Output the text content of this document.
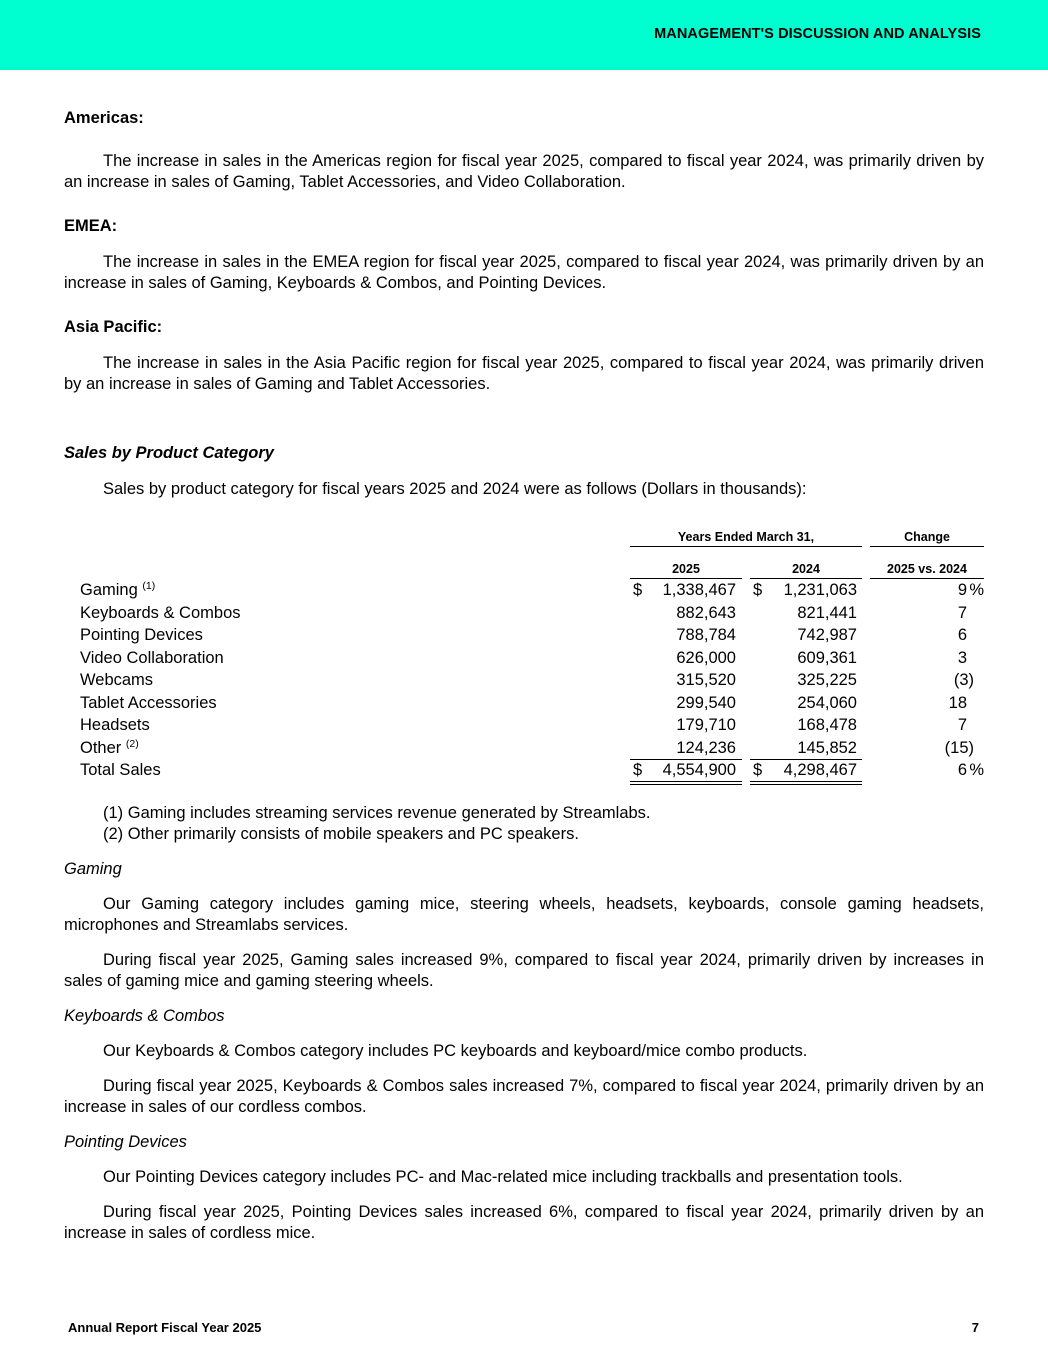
MANAGEMENT'S DISCUSSION AND ANALYSIS

Americas:

The increase in sales in the Americas region for fiscal year 2025, compared to fiscal year 2024, was primarily driven by an increase in sales of Gaming, Tablet Accessories, and Video Collaboration.

EMEA:

The increase in sales in the EMEA region for fiscal year 2025, compared to fiscal year 2024, was primarily driven by an increase in sales of Gaming, Keyboards & Combos, and Pointing Devices.

Asia Pacific:

The increase in sales in the Asia Pacific region for fiscal year 2025, compared to fiscal year 2024, was primarily driven by an increase in sales of Gaming and Tablet Accessories.

Sales by Product Category

Sales by product category for fiscal years 2025 and 2024 were as follows (Dollars in thousands):

Years Ended March 31,	Change
2025	2024	2025 vs. 2024
Gaming $^{(1)}$	$ 1,338,467 $ 1,231,063	9 %
Keyboards & Combos	882,643	821,441	7
Pointing Devices	788,784	742,987	6
Video Collaboration	626,000	609,361	3
Webcams	315,520	325,225	(3)
Tablet Accessories	299,540	254,060	18
Headsets	179,710	168,478	7
Other $^{(2)}$	124,236	145,852	(15)
Total Sales	$ 4,554,900 $ 4,298,467	6 %

(1) Gaming includes streaming services revenue generated by Streamlabs.

(2) Other primarily consists of mobile speakers and PC speakers.

Gaming

Our Gaming category includes gaming mice, steering wheels, headsets, keyboards, console gaming headsets, microphones and Streamlabs services.

During fiscal year 2025, Gaming sales increased 9%, compared to fiscal year 2024, primarily driven by increases in sales of gaming mice and gaming steering wheels.

Keyboards & Combos

Our Keyboards & Combos category includes PC keyboards and keyboard/mice combo products.

During fiscal year 2025, Keyboards & Combos sales increased 7%, compared to fiscal year 2024, primarily driven by an increase in sales of our cordless combos.

Pointing Devices

Our Pointing Devices category includes PC- and Mac-related mice including trackballs and presentation tools.

During fiscal year 2025, Pointing Devices sales increased 6%, compared to fiscal year 2024, primarily driven by an increase in sales of cordless mice.

Annual Report Fiscal Year 2025	7
